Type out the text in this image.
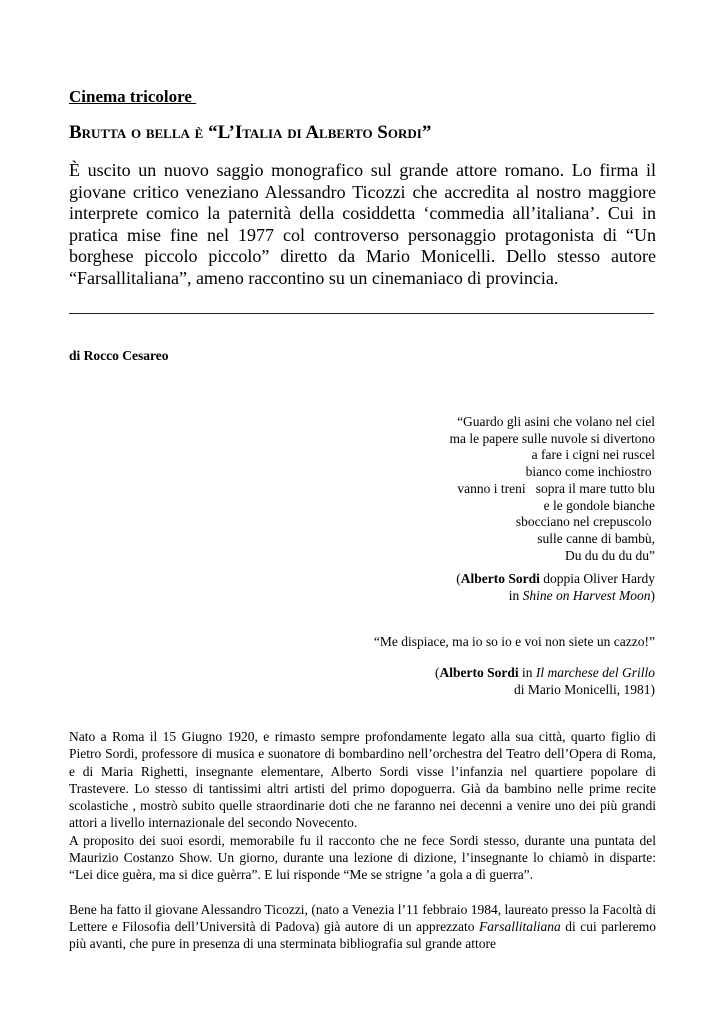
Cinema tricolore
Brutta o bella è “L’Italia di Alberto Sordi”

È uscito un nuovo saggio monografico sul grande attore romano. Lo firma il giovane critico veneziano Alessandro Ticozzi che accredita al nostro maggiore interprete comico la paternità della cosiddetta ‘commedia all’italiana’. Cui in pratica mise fine nel 1977 col controverso personaggio protagonista di “Un borghese piccolo piccolo” diretto da Mario Monicelli. Dello stesso autore “Farsallitaliana”, ameno raccontino su un cinemaniaco di provincia.

di Rocco Cesareo
“Guardo gli asini che volano nel ciel
ma le papere sulle nuvole si divertono
a fare i cigni nei ruscel
bianco come inchiostro
vanno i treni   sopra il mare tutto blu
e le gondole bianche
sbocciano nel crepuscolo
sulle canne di bambù,
Du du du du du”
(Alberto Sordi doppia Oliver Hardy
in Shine on Harvest Moon)
“Me dispiace, ma io so io e voi non siete un cazzo!”
(Alberto Sordi in Il marchese del Grillo
di Mario Monicelli, 1981)

Nato a Roma il 15 Giugno 1920, e rimasto sempre profondamente legato alla sua città, quarto figlio di Pietro Sordi, professore di musica e suonatore di bombardino nell’orchestra del Teatro dell’Opera di Roma, e di Maria Righetti, insegnante elementare, Alberto Sordi visse l’infanzia nel quartiere popolare di Trastevere. Lo stesso di tantissimi altri artisti del primo dopoguerra. Già da bambino nelle prime recite scolastiche , mostrò subito quelle straordinarie doti che ne faranno nei decenni a venire uno dei più grandi attori a livello internazionale del secondo Novecento.

A proposito dei suoi esordi, memorabile fu il racconto che ne fece Sordi stesso, durante una puntata del Maurizio Costanzo Show. Un giorno, durante una lezione di dizione, l’insegnante lo chiamò in disparte: “Lei dice guèra, ma si dice guèrra”. E lui risponde “Me se strigne ’a gola a dì guerra”.

Bene ha fatto il giovane Alessandro Ticozzi, (nato a Venezia l’11 febbraio 1984, laureato presso la Facoltà di Lettere e Filosofia dell’Università di Padova) già autore di un apprezzato Farsallitaliana di cui parleremo più avanti, che pure in presenza di una sterminata bibliografia sul grande attore
